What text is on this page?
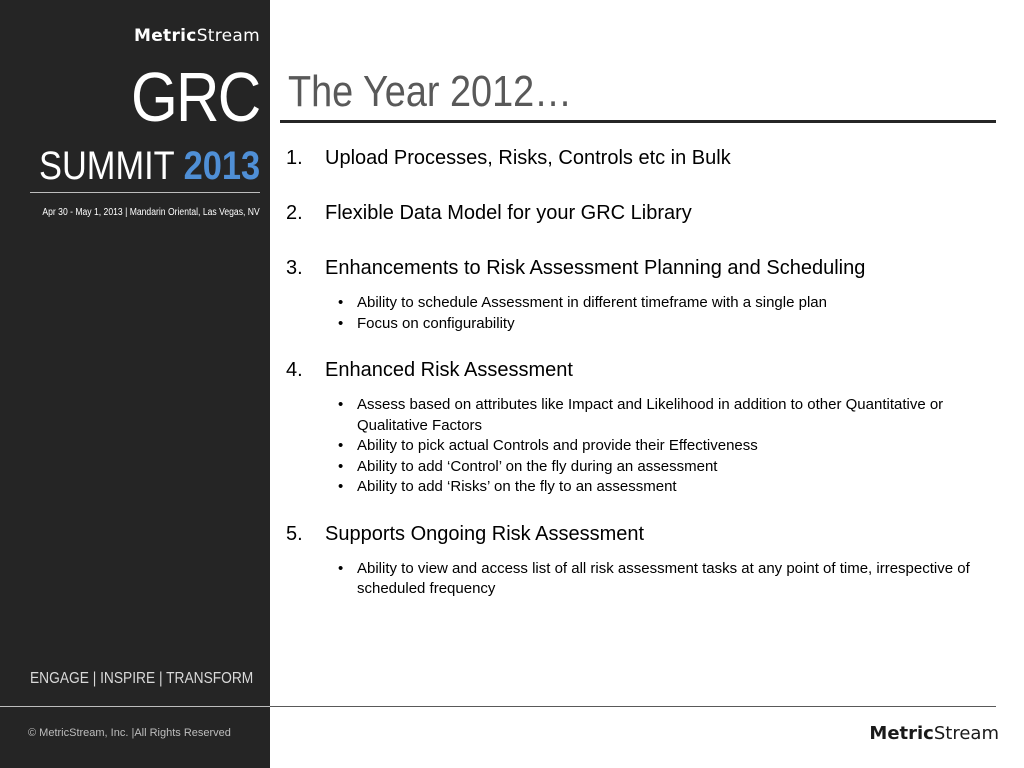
MetricStream
GRC
SUMMIT 2013
Apr 30 - May 1, 2013 | Mandarin Oriental, Las Vegas, NV
ENGAGE | INSPIRE | TRANSFORM
© MetricStream, Inc. |All Rights Reserved
The Year 2012…
1.	Upload Processes, Risks, Controls etc in Bulk
2.	Flexible Data Model for your GRC Library
3.	Enhancements to Risk Assessment Planning and Scheduling
• Ability to schedule Assessment in different timeframe with a single plan
• Focus on configurability
4.	Enhanced Risk Assessment
• Assess based on attributes like Impact and Likelihood in addition to other Quantitative or Qualitative Factors
• Ability to pick actual Controls and provide their Effectiveness
• Ability to add ‘Control’ on the fly during an assessment
• Ability to add ‘Risks’ on the fly to an assessment
5.	Supports Ongoing Risk Assessment
• Ability to view and access list of all risk assessment tasks at any point of time, irrespective of scheduled frequency
MetricStream
